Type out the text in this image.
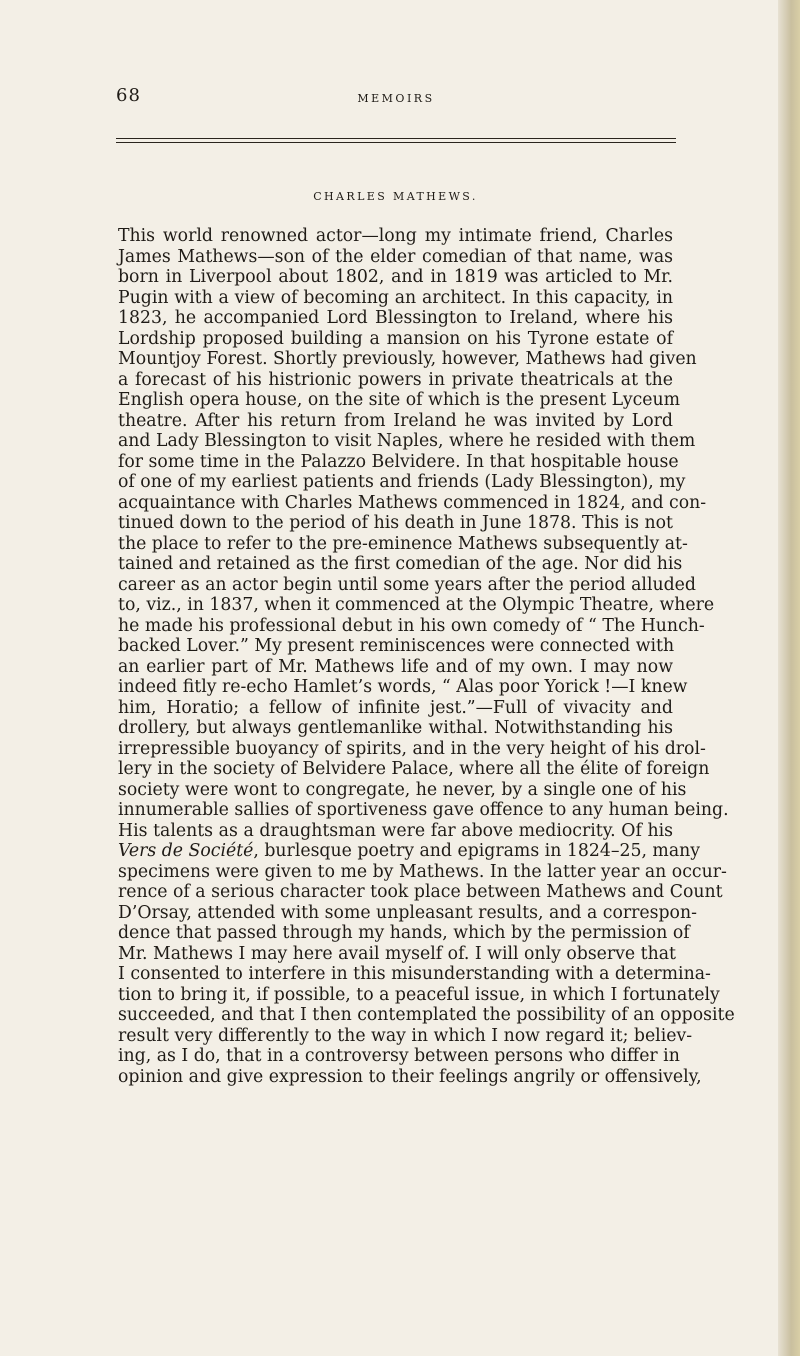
68	MEMOIRS
CHARLES MATHEWS.
This world renowned actor—long my intimate friend, Charles
James Mathews—son of the elder comedian of that name, was
born in Liverpool about 1802, and in 1819 was articled to Mr.
Pugin with a view of becoming an architect. In this capacity, in
1823, he accompanied Lord Blessington to Ireland, where his
Lordship proposed building a mansion on his Tyrone estate of
Mountjoy Forest. Shortly previously, however, Mathews had given
a forecast of his histrionic powers in private theatricals at the
English opera house, on the site of which is the present Lyceum
theatre. After his return from Ireland he was invited by Lord
and Lady Blessington to visit Naples, where he resided with them
for some time in the Palazzo Belvidere. In that hospitable house
of one of my earliest patients and friends (Lady Blessington), my
acquaintance with Charles Mathews commenced in 1824, and con-
tinued down to the period of his death in June 1878. This is not
the place to refer to the pre-eminence Mathews subsequently at-
tained and retained as the first comedian of the age. Nor did his
career as an actor begin until some years after the period alluded
to, viz., in 1837, when it commenced at the Olympic Theatre, where
he made his professional debut in his own comedy of “ The Hunch-
backed Lover.” My present reminiscences were connected with
an earlier part of Mr. Mathews life and of my own. I may now
indeed fitly re-echo Hamlet’s words, “ Alas poor Yorick !—I knew
him, Horatio; a fellow of infinite jest.”—Full of vivacity and
drollery, but always gentlemanlike withal. Notwithstanding his
irrepressible buoyancy of spirits, and in the very height of his drol-
lery in the society of Belvidere Palace, where all the élite of foreign
society were wont to congregate, he never, by a single one of his
innumerable sallies of sportiveness gave offence to any human being.
His talents as a draughtsman were far above mediocrity. Of his
Vers de Société, burlesque poetry and epigrams in 1824–25, many
specimens were given to me by Mathews. In the latter year an occur-
rence of a serious character took place between Mathews and Count
D’Orsay, attended with some unpleasant results, and a correspon-
dence that passed through my hands, which by the permission of
Mr. Mathews I may here avail myself of. I will only observe that
I consented to interfere in this misunderstanding with a determina-
tion to bring it, if possible, to a peaceful issue, in which I fortunately
succeeded, and that I then contemplated the possibility of an opposite
result very differently to the way in which I now regard it; believ-
ing, as I do, that in a controversy between persons who differ in
opinion and give expression to their feelings angrily or offensively,
